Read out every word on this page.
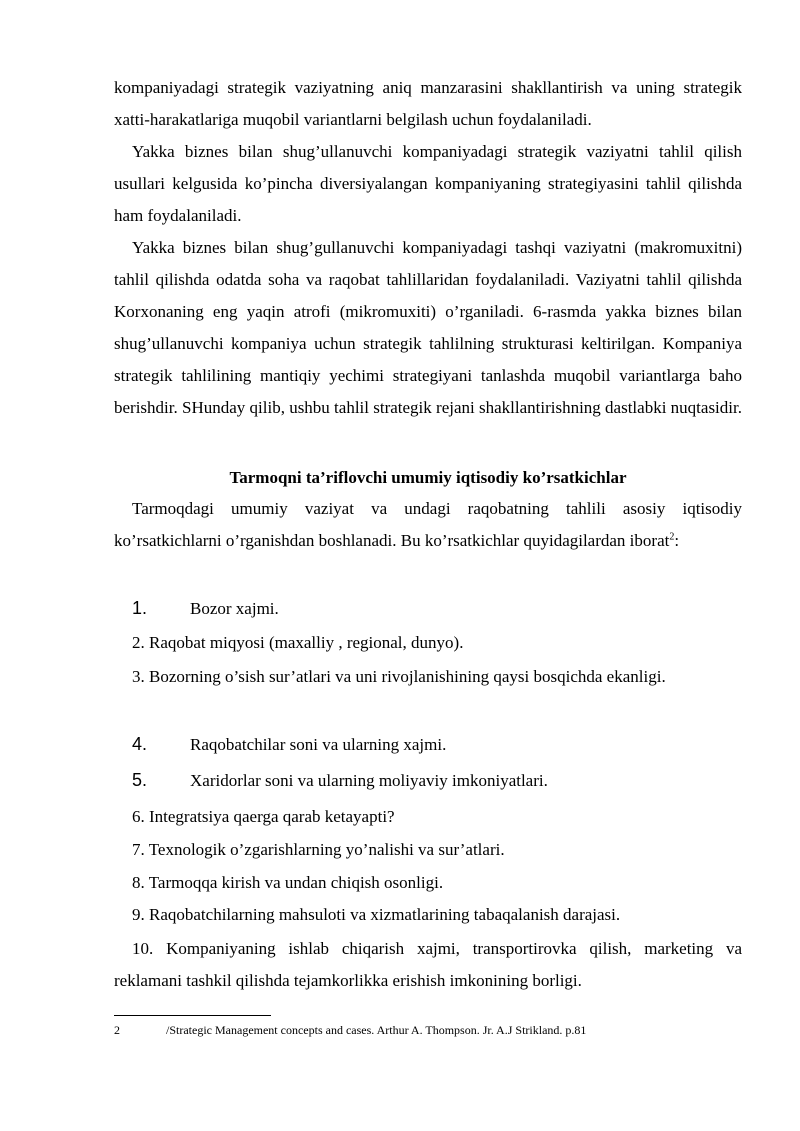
kompaniyadagi strategik vaziyatning aniq manzarasini shakllantirish va uning strategik xatti-harakatlariga muqobil variantlarni belgilash uchun foydalaniladi.

Yakka biznes bilan shug’ullanuvchi kompaniyadagi strategik vaziyatni tahlil qilish usullari kelgusida ko’pincha diversiyalangan kompaniyaning strategiyasini tahlil qilishda ham foydalaniladi.

Yakka biznes bilan shug’gullanuvchi kompaniyadagi tashqi vaziyatni (makromuxitni) tahlil qilishda odatda soha va raqobat tahlillaridan foydalaniladi. Vaziyatni tahlil qilishda Korxonaning eng yaqin atrofi (mikromuxiti) o’rganiladi. 6-rasmda yakka biznes bilan shug’ullanuvchi kompaniya uchun strategik tahlilning strukturasi keltirilgan. Kompaniya strategik tahlilining mantiqiy yechimi strategiyani tanlashda muqobil variantlarga baho berishdir. SHunday qilib, ushbu tahlil strategik rejani shakllantirishning dastlabki nuqtasidir.

Tarmoqni ta’riflovchi umumiy iqtisodiy ko’rsatkichlar

Tarmoqdagi umumiy vaziyat va undagi raqobatning tahlili asosiy iqtisodiy ko’rsatkichlarni o’rganishdan boshlanadi. Bu ko’rsatkichlar quyidagilardan iborat$^2$:

1.	Bozor xajmi.
2. Raqobat miqyosi (maxalliy , regional, dunyo).

3. Bozorning o’sish sur’atlari va uni rivojlanishining qaysi bosqichda ekanligi.

4.	Raqobatchilar soni va ularning xajmi.
5.	Xaridorlar soni va ularning moliyaviy imkoniyatlari.
6. Integratsiya qaerga qarab ketayapti?
7. Texnologik o’zgarishlarning yo’nalishi va sur’atlari.
8. Tarmoqqa kirish va undan chiqish osonligi.
9. Raqobatchilarning mahsuloti va xizmatlarining tabaqalanish darajasi.

10. Kompaniyaning ishlab chiqarish xajmi, transportirovka qilish, marketing va reklamani tashkil qilishda tejamkorlikka erishish imkonining borligi.

2	/Strategic Management concepts and cases. Arthur A. Thompson. Jr. A.J Strikland. p.81
